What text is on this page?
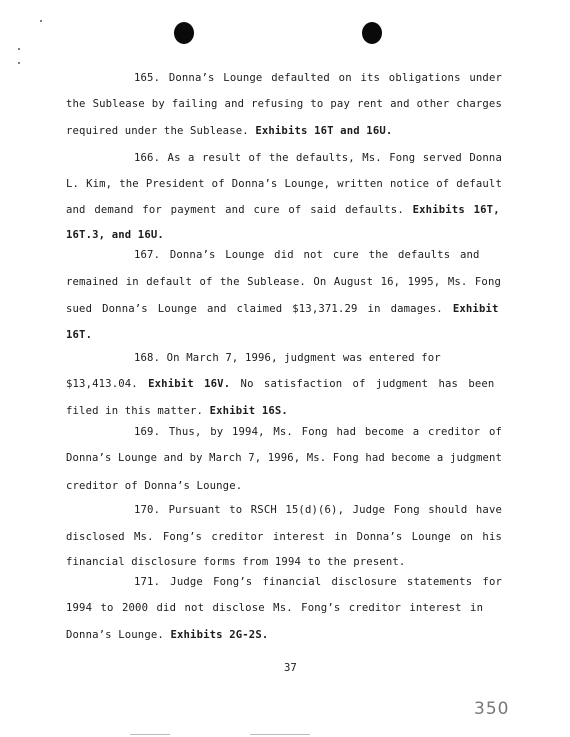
165. Donna’s Lounge defaulted on its obligations under
the Sublease by failing and refusing to pay rent and other charges
required under the Sublease. Exhibits 16T and 16U.
166. As a result of the defaults, Ms. Fong served Donna
L. Kim, the President of Donna’s Lounge, written notice of default
and demand for payment and cure of said defaults. Exhibits 16T,
16T.3, and 16U.
167. Donna’s Lounge did not cure the defaults and
remained in default of the Sublease. On August 16, 1995, Ms. Fong
sued Donna’s Lounge and claimed $13,371.29 in damages. Exhibit
16T.
168. On March 7, 1996, judgment was entered for
$13,413.04. Exhibit 16V. No satisfaction of judgment has been
filed in this matter. Exhibit 16S.
169. Thus, by 1994, Ms. Fong had become a creditor of
Donna’s Lounge and by March 7, 1996, Ms. Fong had become a judgment
creditor of Donna’s Lounge.
170. Pursuant to RSCH 15(d)(6), Judge Fong should have
disclosed Ms. Fong’s creditor interest in Donna’s Lounge on his
financial disclosure forms from 1994 to the present.
171. Judge Fong’s financial disclosure statements for
1994 to 2000 did not disclose Ms. Fong’s creditor interest in
Donna’s Lounge. Exhibits 2G-2S.
37
350
